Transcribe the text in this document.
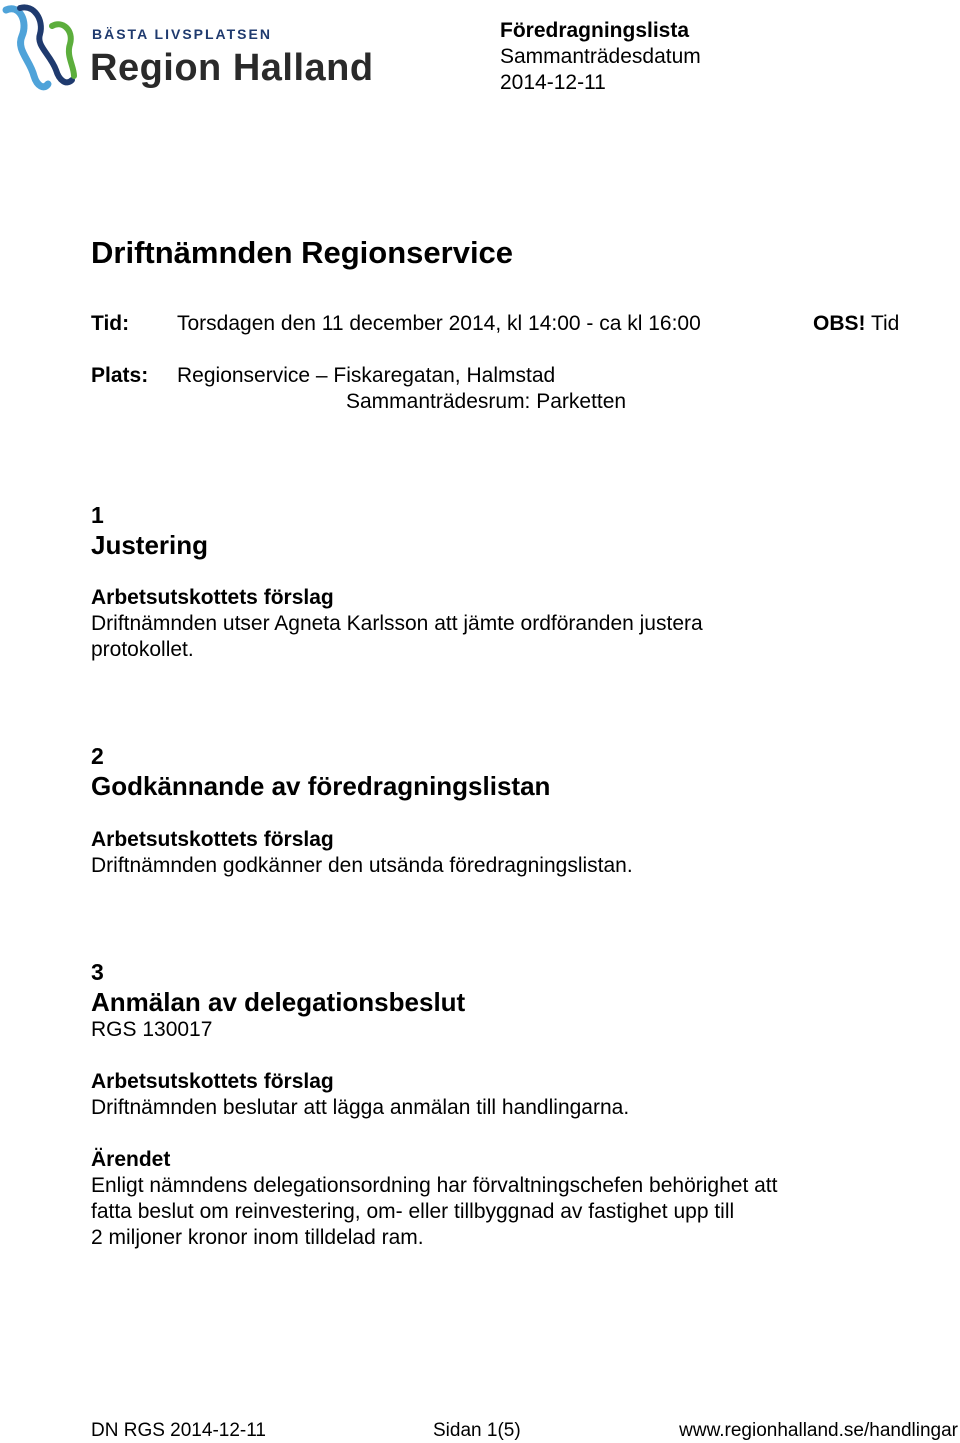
BÄSTA LIVSPLATSEN
Region Halland
Föredragningslista
Sammanträdesdatum
2014-12-11
Driftnämnden Regionservice
Tid: Torsdagen den 11 december 2014, kl 14:00 - ca kl 16:00	OBS! Tid
Plats: Regionservice – Fiskaregatan, Halmstad
Sammanträdesrum: Parketten
1
Justering
Arbetsutskottets förslag
Driftnämnden utser Agneta Karlsson att jämte ordföranden justera
protokollet.
2
Godkännande av föredragningslistan
Arbetsutskottets förslag
Driftnämnden godkänner den utsända föredragningslistan.
3
Anmälan av delegationsbeslut
RGS 130017
Arbetsutskottets förslag
Driftnämnden beslutar att lägga anmälan till handlingarna.
Ärendet
Enligt nämndens delegationsordning har förvaltningschefen behörighet att
fatta beslut om reinvestering, om- eller tillbyggnad av fastighet upp till
2 miljoner kronor inom tilldelad ram.
DN RGS 2014-12-11	Sidan 1(5)	www.regionhalland.se/handlingar
